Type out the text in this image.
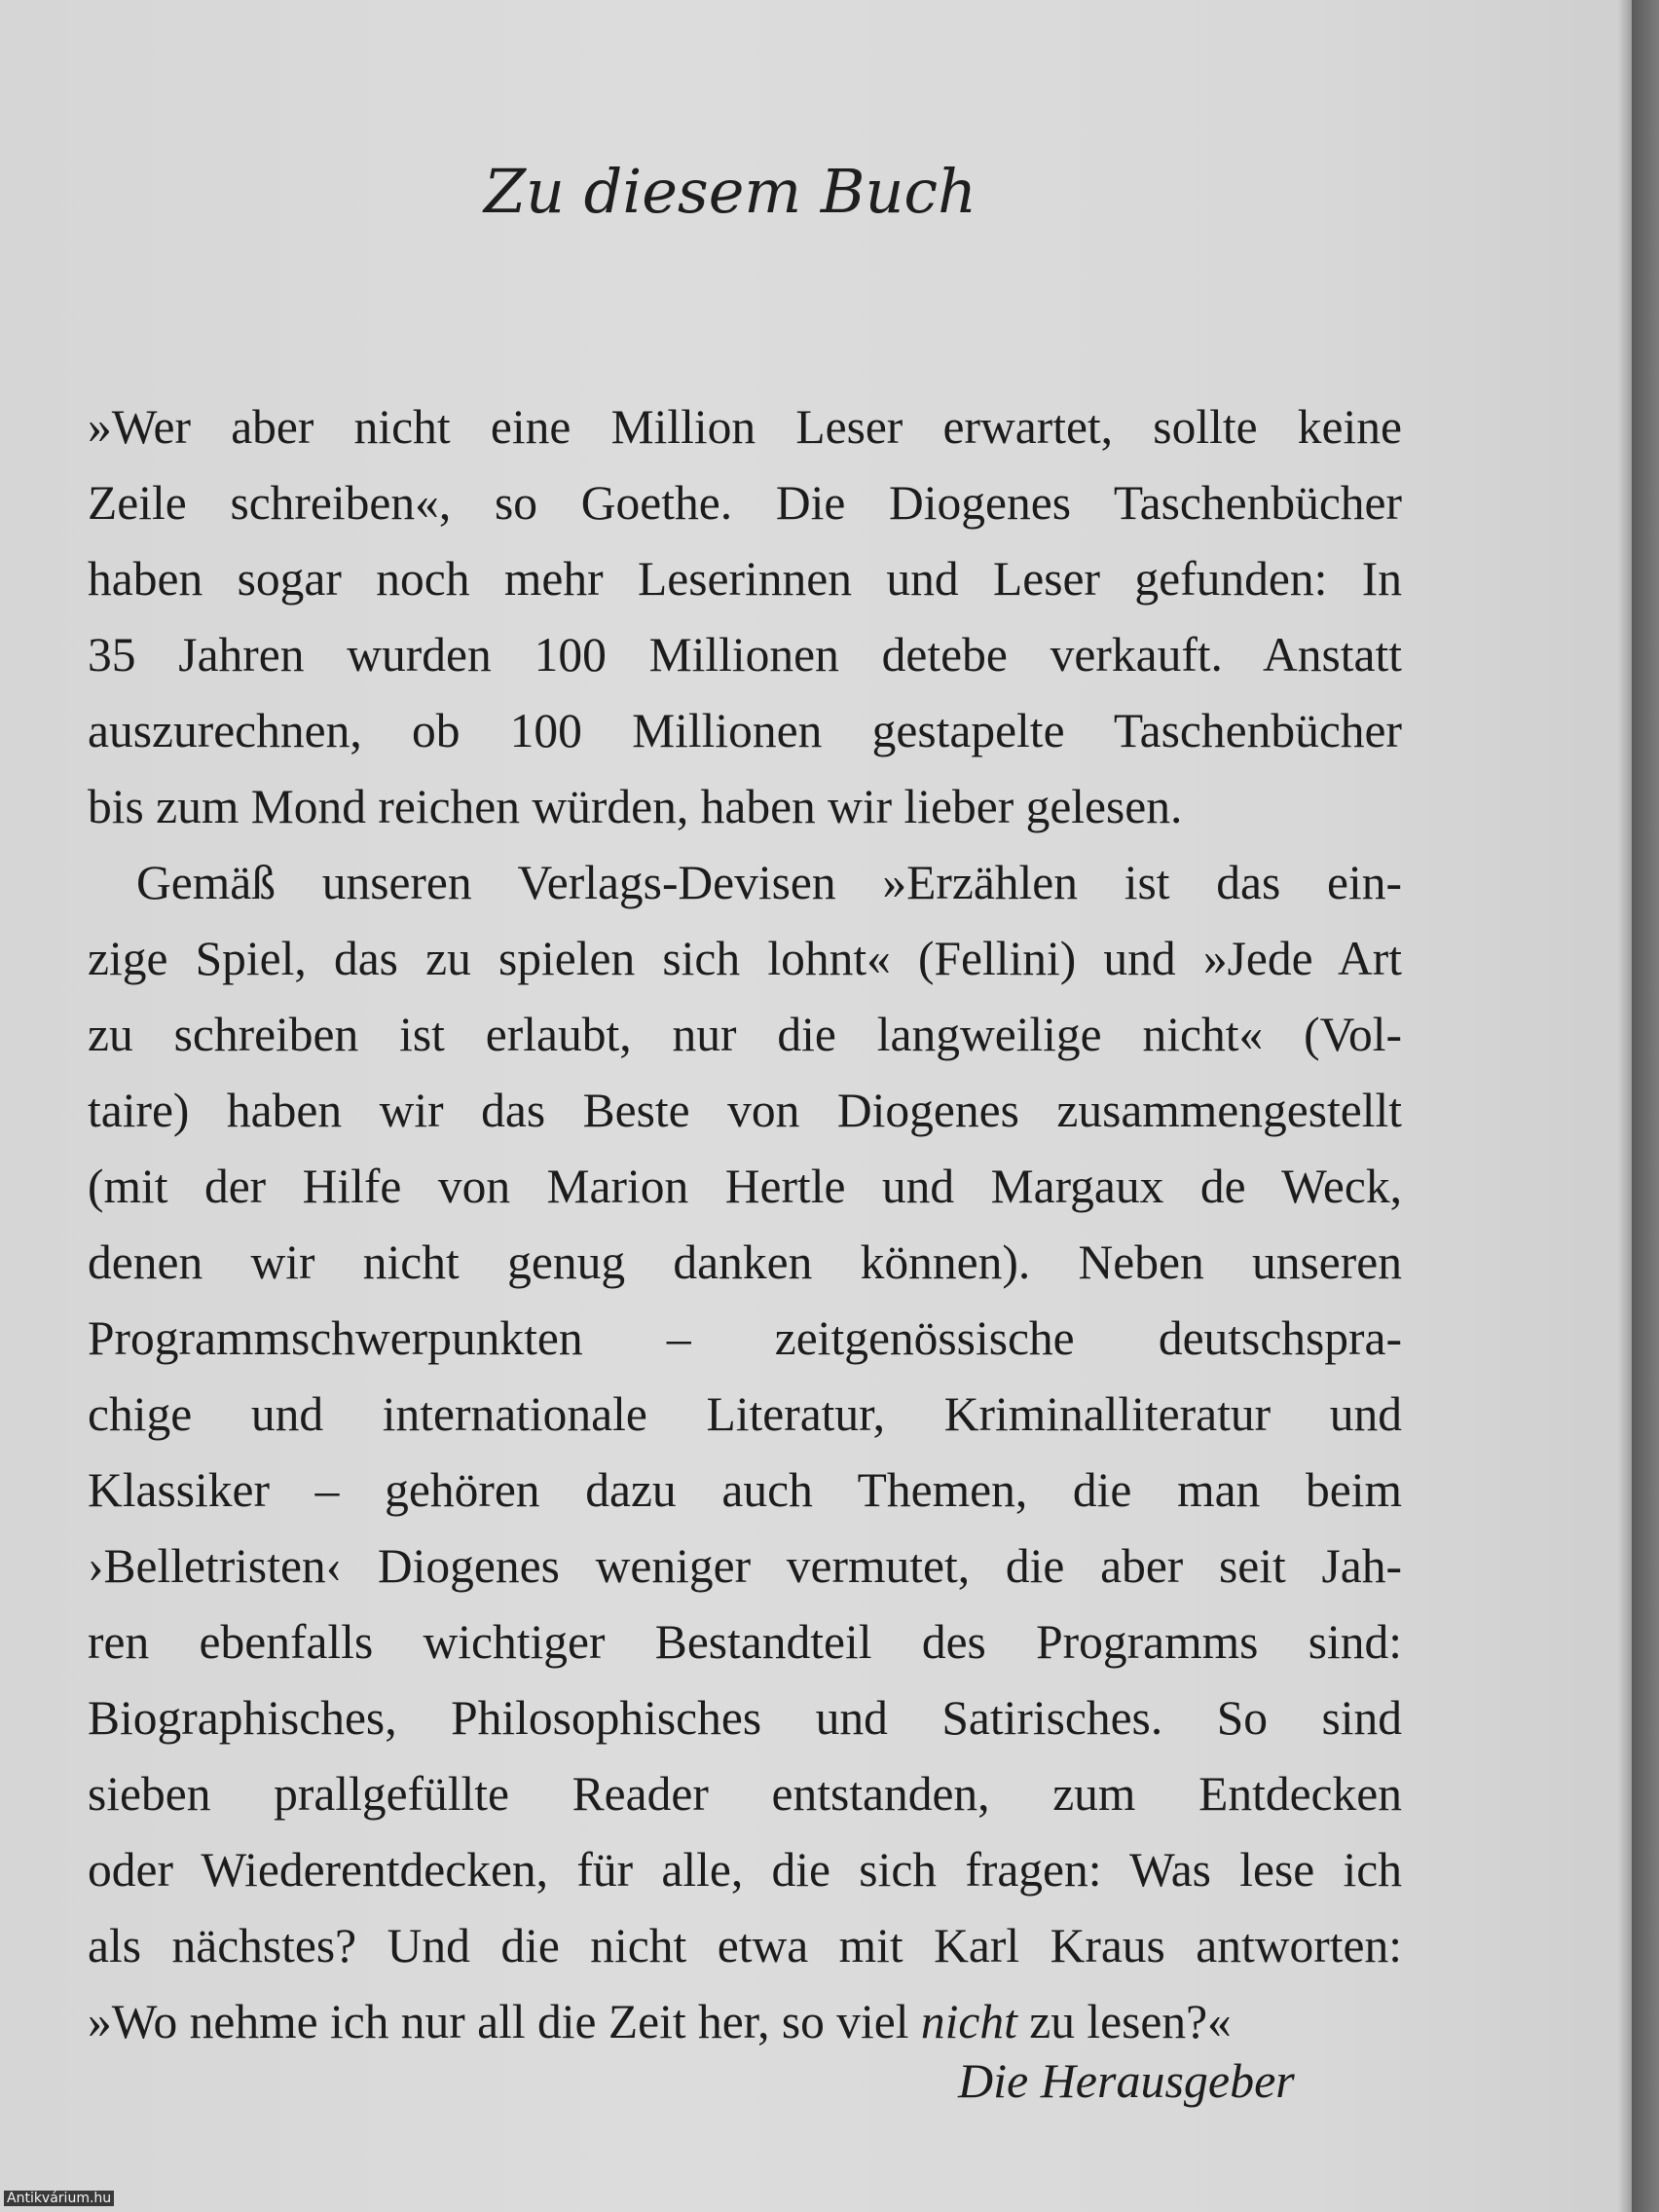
Zu diesem Buch
»Wer aber nicht eine Million Leser erwartet, sollte keine
Zeile schreiben«, so Goethe. Die Diogenes Taschenbücher
haben sogar noch mehr Leserinnen und Leser gefunden: In
35 Jahren wurden 100 Millionen detebe verkauft. Anstatt
auszurechnen, ob 100 Millionen gestapelte Taschenbücher
bis zum Mond reichen würden, haben wir lieber gelesen.
Gemäß unseren Verlags-Devisen »Erzählen ist das ein-
zige Spiel, das zu spielen sich lohnt« (Fellini) und »Jede Art
zu schreiben ist erlaubt, nur die langweilige nicht« (Vol-
taire) haben wir das Beste von Diogenes zusammengestellt
(mit der Hilfe von Marion Hertle und Margaux de Weck,
denen wir nicht genug danken können). Neben unseren
Programmschwerpunkten – zeitgenössische deutschspra-
chige und internationale Literatur, Kriminalliteratur und
Klassiker – gehören dazu auch Themen, die man beim
›Belletristen‹ Diogenes weniger vermutet, die aber seit Jah-
ren ebenfalls wichtiger Bestandteil des Programms sind:
Biographisches, Philosophisches und Satirisches. So sind
sieben prallgefüllte Reader entstanden, zum Entdecken
oder Wiederentdecken, für alle, die sich fragen: Was lese ich
als nächstes? Und die nicht etwa mit Karl Kraus antworten:
»Wo nehme ich nur all die Zeit her, so viel nicht zu lesen?«
Die Herausgeber
Antikvárium.hu
